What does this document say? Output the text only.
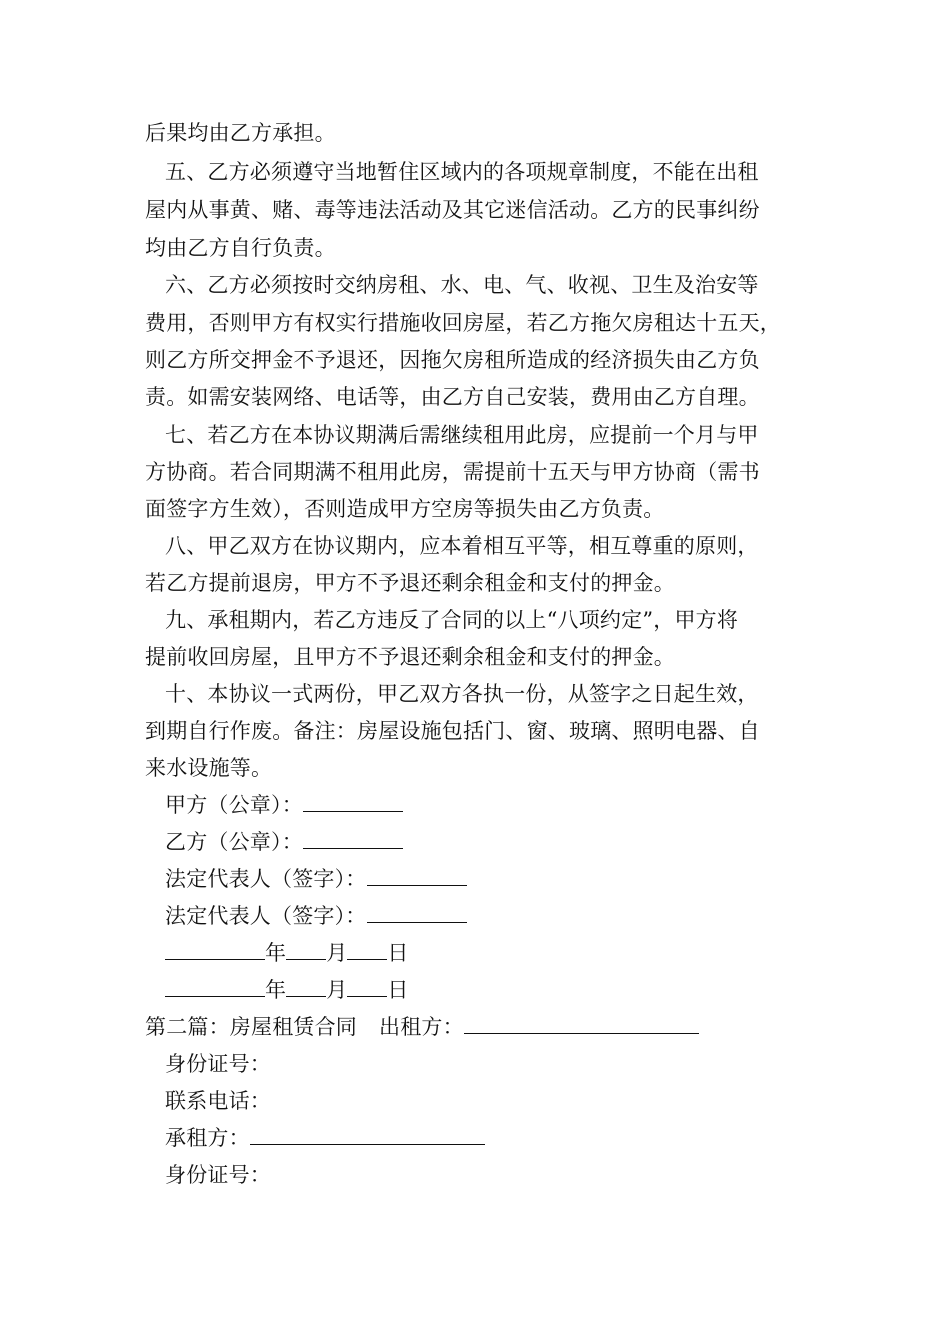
后果均由乙方承担。
五、乙方必须遵守当地暂住区域内的各项规章制度，不能在出租
屋内从事黄、赌、毒等违法活动及其它迷信活动。乙方的民事纠纷
均由乙方自行负责。
六、乙方必须按时交纳房租、水、电、气、收视、卫生及治安等
费用，否则甲方有权实行措施收回房屋，若乙方拖欠房租达十五天，
则乙方所交押金不予退还，因拖欠房租所造成的经济损失由乙方负
责。如需安装网络、电话等，由乙方自己安装，费用由乙方自理。
七、若乙方在本协议期满后需继续租用此房，应提前一个月与甲
方协商。若合同期满不租用此房，需提前十五天与甲方协商（需书
面签字方生效），否则造成甲方空房等损失由乙方负责。
八、甲乙双方在协议期内，应本着相互平等，相互尊重的原则，
若乙方提前退房，甲方不予退还剩余租金和支付的押金。
九、承租期内，若乙方违反了合同的以上“八项约定”，甲方将
提前收回房屋，且甲方不予退还剩余租金和支付的押金。
十、本协议一式两份，甲乙双方各执一份，从签字之日起生效，
到期自行作废。备注：房屋设施包括门、窗、玻璃、照明电器、自
来水设施等。
甲方（公章）：
乙方（公章）：
法定代表人（签字）：
法定代表人（签字）：
年 月 日
年 月 日
第二篇：房屋租赁合同 出租方：
身份证号：
联系电话：
承租方：
身份证号：
